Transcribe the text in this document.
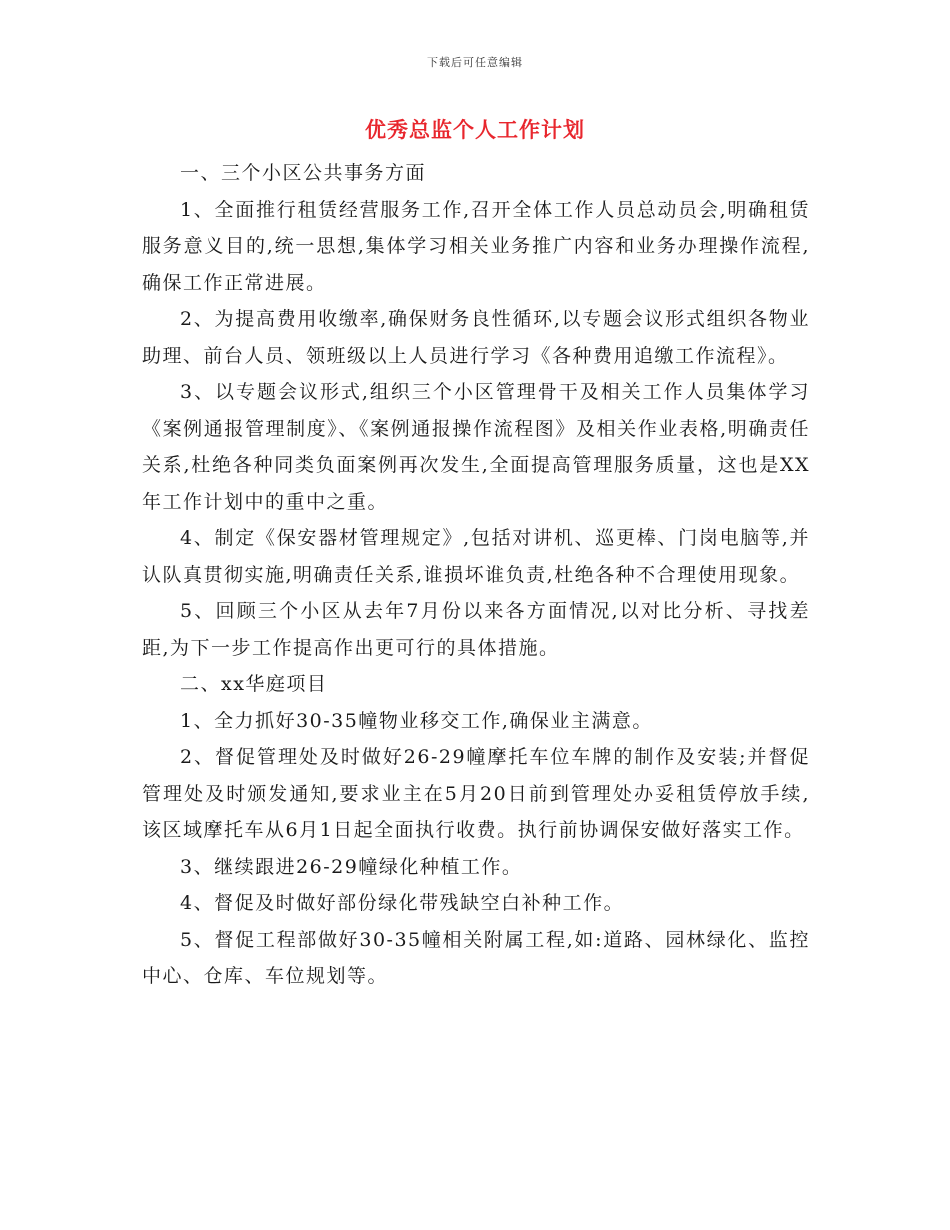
下载后可任意编辑
优秀总监个人工作计划

一、三个小区公共事务方面

1、全面推行租赁经营服务工作,召开全体工作人员总动员会,明确租赁服务意义目的,统一思想,集体学习相关业务推广内容和业务办理操作流程,确保工作正常进展。

2、为提高费用收缴率,确保财务良性循环,以专题会议形式组织各物业助理、前台人员、领班级以上人员进行学习《各种费用追缴工作流程》。

3、以专题会议形式,组织三个小区管理骨干及相关工作人员集体学习《案例通报管理制度》、《案例通报操作流程图》及相关作业表格,明确责任关系,杜绝各种同类负面案例再次发生,全面提高管理服务质量，这也是XX年工作计划中的重中之重。

4、制定《保安器材管理规定》,包括对讲机、巡更棒、门岗电脑等,并认队真贯彻实施,明确责任关系,谁损坏谁负责,杜绝各种不合理使用现象。

5、回顾三个小区从去年7月份以来各方面情况,以对比分析、寻找差距,为下一步工作提高作出更可行的具体措施。

二、xx华庭项目

1、全力抓好30-35幢物业移交工作,确保业主满意。

2、督促管理处及时做好26-29幢摩托车位车牌的制作及安装;并督促管理处及时颁发通知,要求业主在5月20日前到管理处办妥租赁停放手续,该区域摩托车从6月1日起全面执行收费。执行前协调保安做好落实工作。

3、继续跟进26-29幢绿化种植工作。

4、督促及时做好部份绿化带残缺空白补种工作。

5、督促工程部做好30-35幢相关附属工程,如:道路、园林绿化、监控中心、仓库、车位规划等。
